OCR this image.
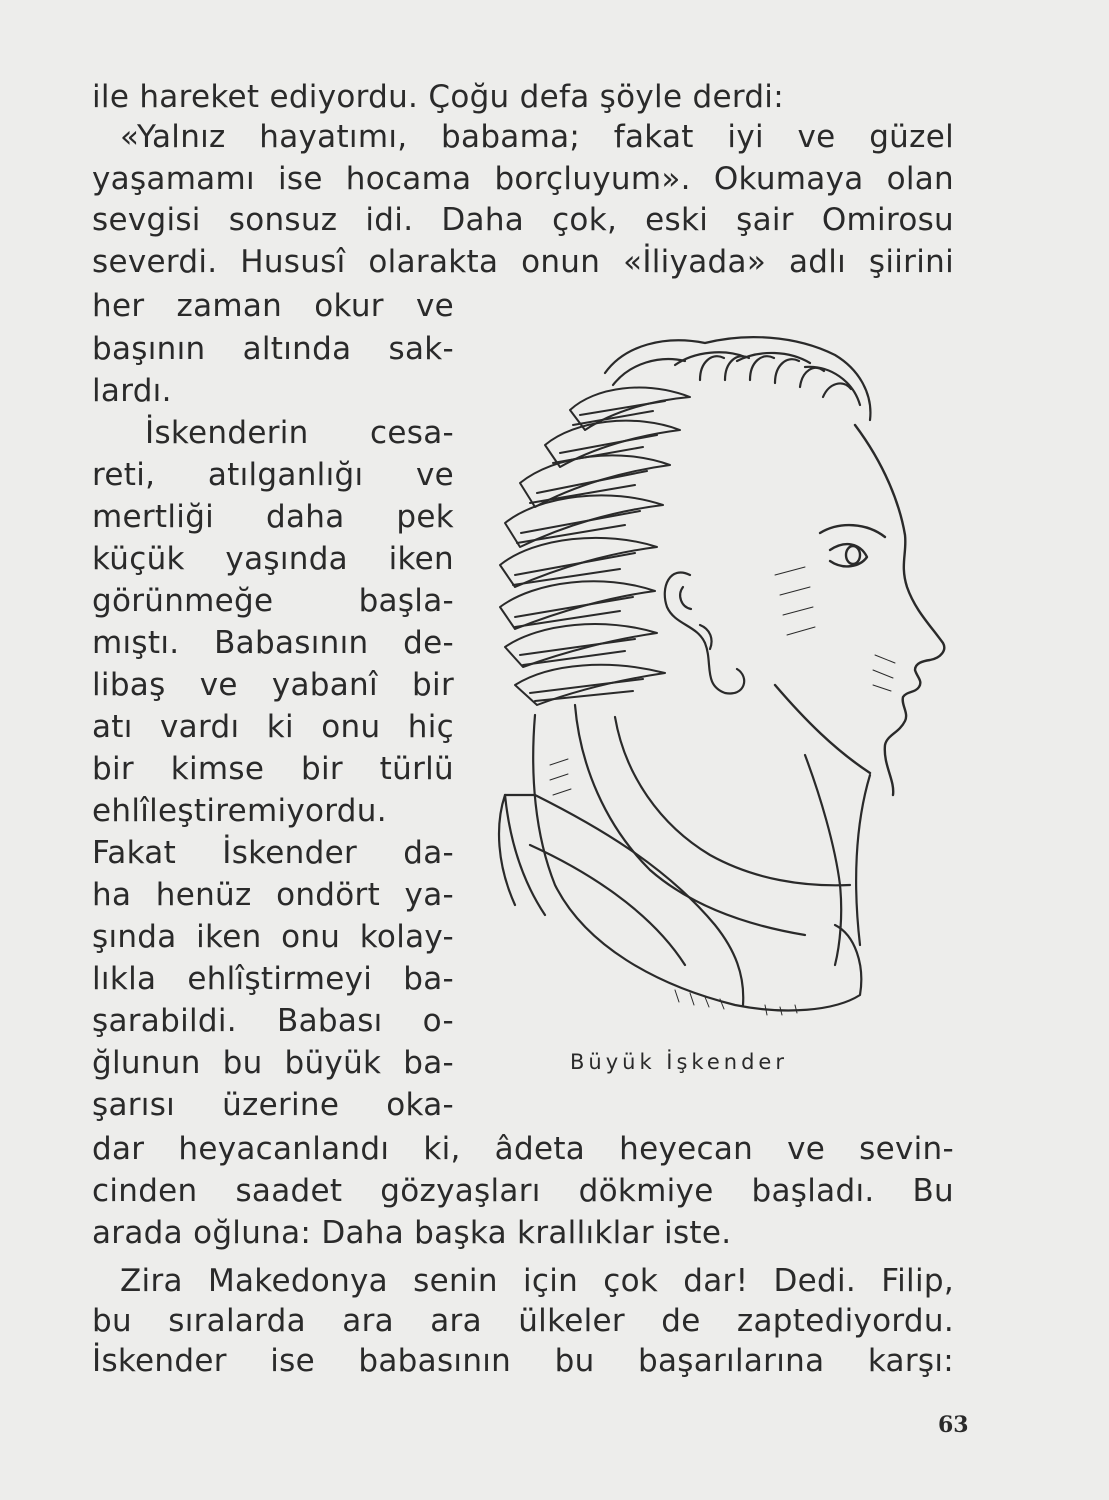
ile hareket ediyordu. Çoğu defa şöyle derdi:
«Yalnız hayatımı, babama; fakat iyi ve güzel
yaşamamı ise hocama borçluyum». Okumaya olan
sevgisi sonsuz idi. Daha çok, eski şair Omirosu
severdi. Hususî olarakta onun «İliyada» adlı şiirini
her zaman okur ve
başının altında sak-
lardı.
İskenderin cesa-
reti, atılganlığı ve
mertliği daha pek
küçük yaşında iken
görünmeğe başla-
mıştı. Babasının de-
libaş ve yabanî bir
atı vardı ki onu hiç
bir kimse bir türlü
ehlîleştiremiyordu.
Fakat İskender da-
ha henüz ondört ya-
şında iken onu kolay-
lıkla ehlîştirmeyi ba-
şarabildi. Babası o-
ğlunun bu büyük ba-
şarısı üzerine oka-
Büyük İşkender
dar heyacanlandı ki, âdeta heyecan ve sevin-
cinden saadet gözyaşları dökmiye başladı. Bu
arada oğluna: Daha başka krallıklar iste.
Zira Makedonya senin için çok dar! Dedi. Filip,
bu sıralarda ara ara ülkeler de zaptediyordu.
İskender ise babasının bu başarılarına karşı:
63
